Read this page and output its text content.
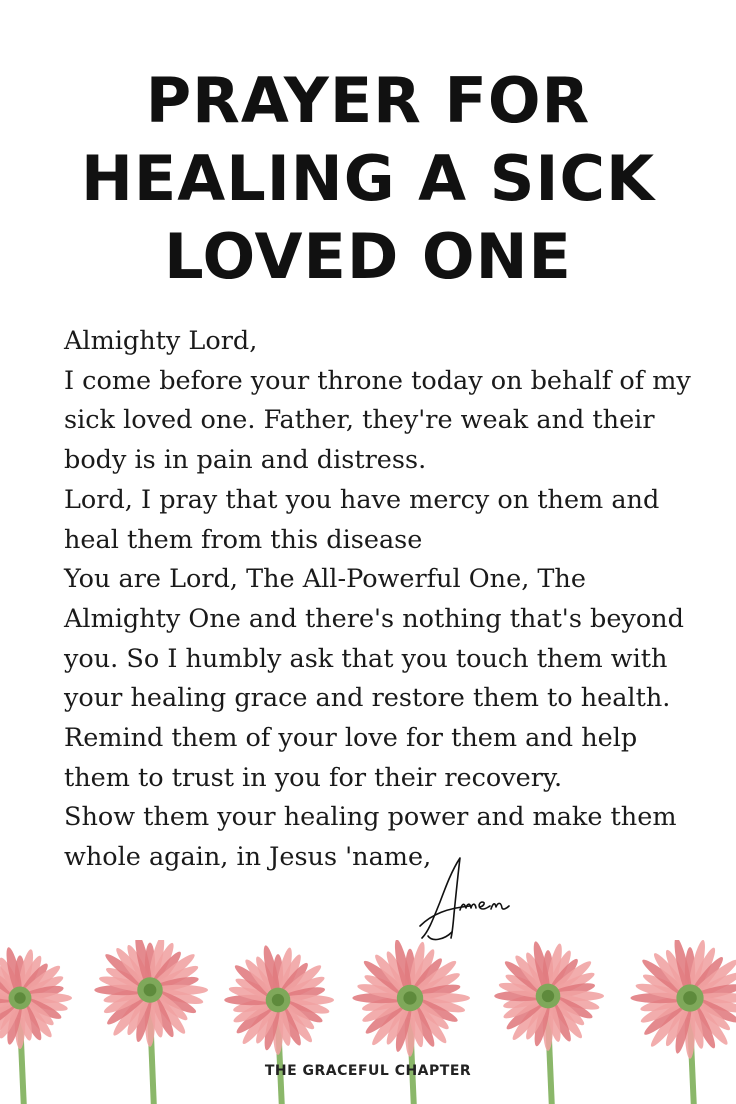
PRAYER FOR
HEALING A SICK
LOVED ONE
Almighty Lord,
I come before your throne today on behalf of my
sick loved one. Father, they're weak and their
body is in pain and distress.
Lord, I pray that you have mercy on them and
heal them from this disease
You are Lord, The All-Powerful One, The
Almighty One and there's nothing that's beyond
you. So I humbly ask that you touch them with
your healing grace and restore them to health.
Remind them of your love for them and help
them to trust in you for their recovery.
Show them your healing power and make them
whole again, in Jesus 'name,
THE GRACEFUL CHAPTER
